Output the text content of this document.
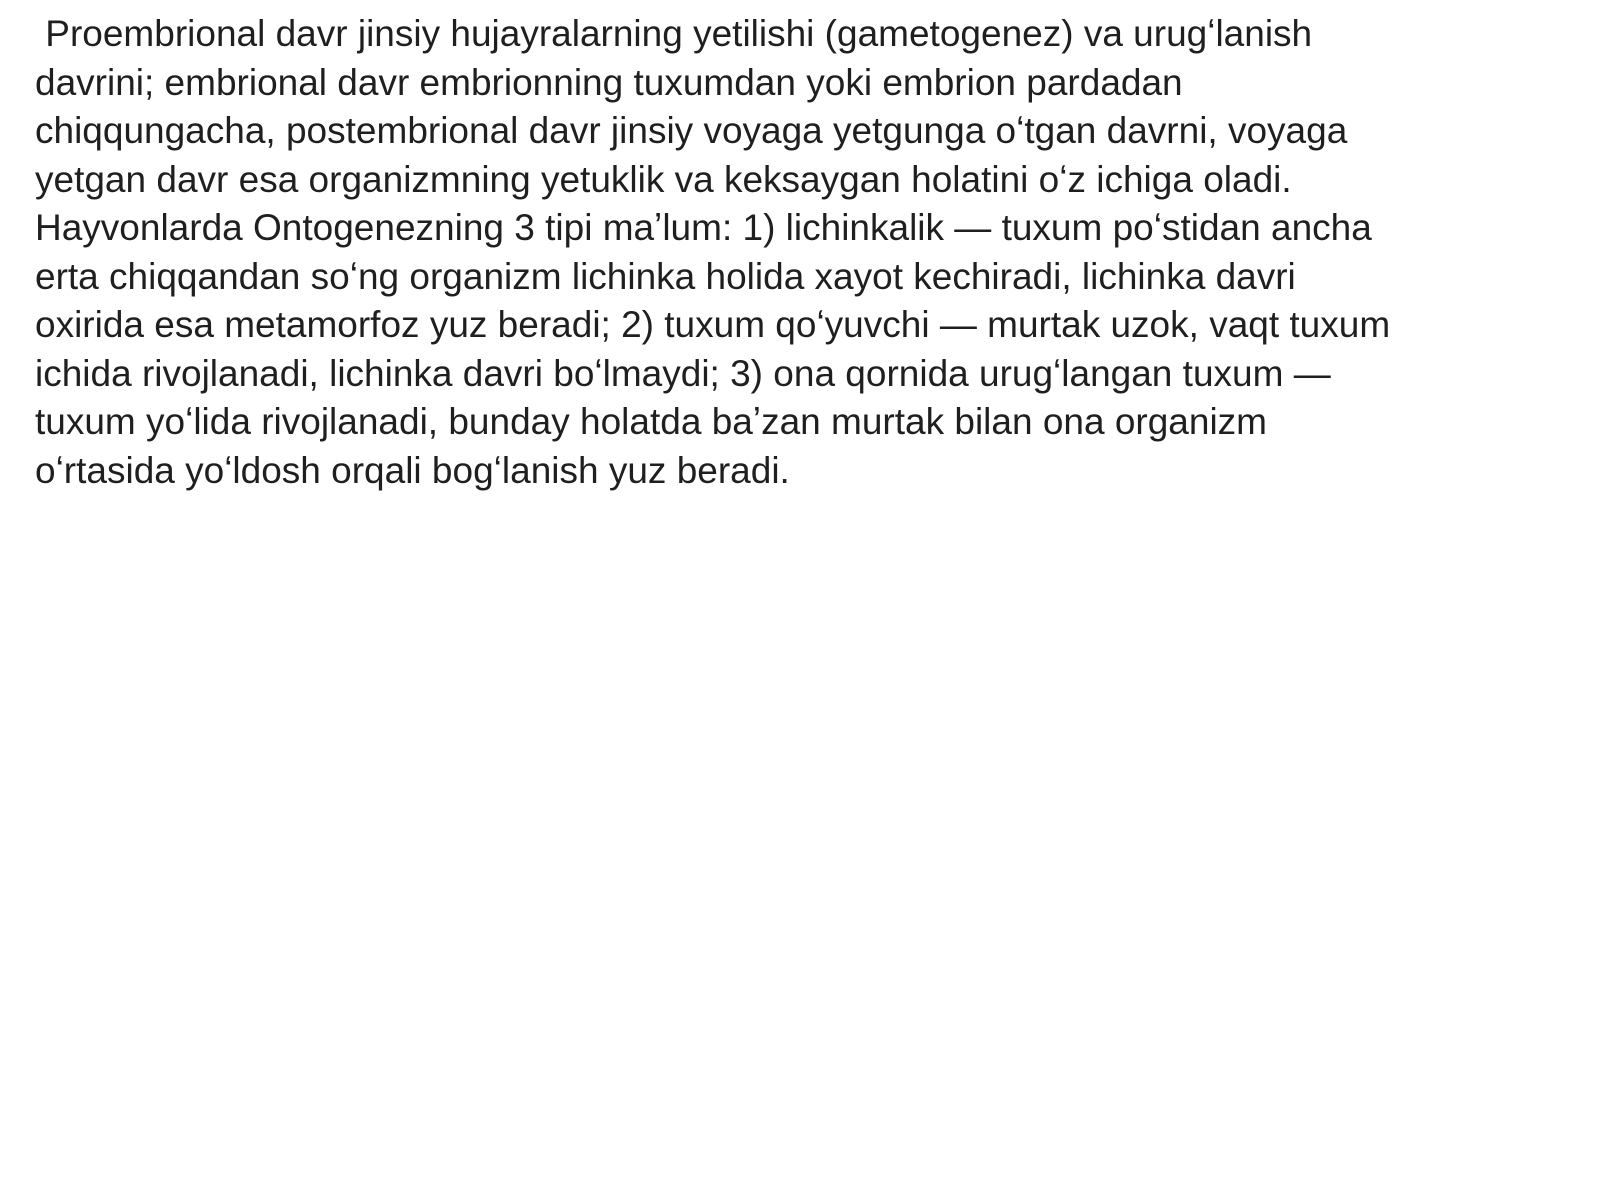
Proembrional davr jinsiy hujayralarning yetilishi (gametogenez) va urugʻlanish
davrini; embrional davr embrionning tuxumdan yoki embrion pardadan
chiqqungacha, postembrional davr jinsiy voyaga yetgunga oʻtgan davrni, voyaga
yetgan davr esa organizmning yetuklik va keksaygan holatini oʻz ichiga oladi.
Hayvonlarda Ontogenezning 3 tipi maʼlum: 1) lichinkalik — tuxum poʻstidan ancha
erta chiqqandan soʻng organizm lichinka holida xayot kechiradi, lichinka davri
oxirida esa metamorfoz yuz beradi; 2) tuxum qoʻyuvchi — murtak uzok, vaqt tuxum
ichida rivojlanadi, lichinka davri boʻlmaydi; 3) ona qornida urugʻlangan tuxum —
tuxum yoʻlida rivojlanadi, bunday holatda baʼzan murtak bilan ona organizm
oʻrtasida yoʻldosh orqali bogʻlanish yuz beradi.
